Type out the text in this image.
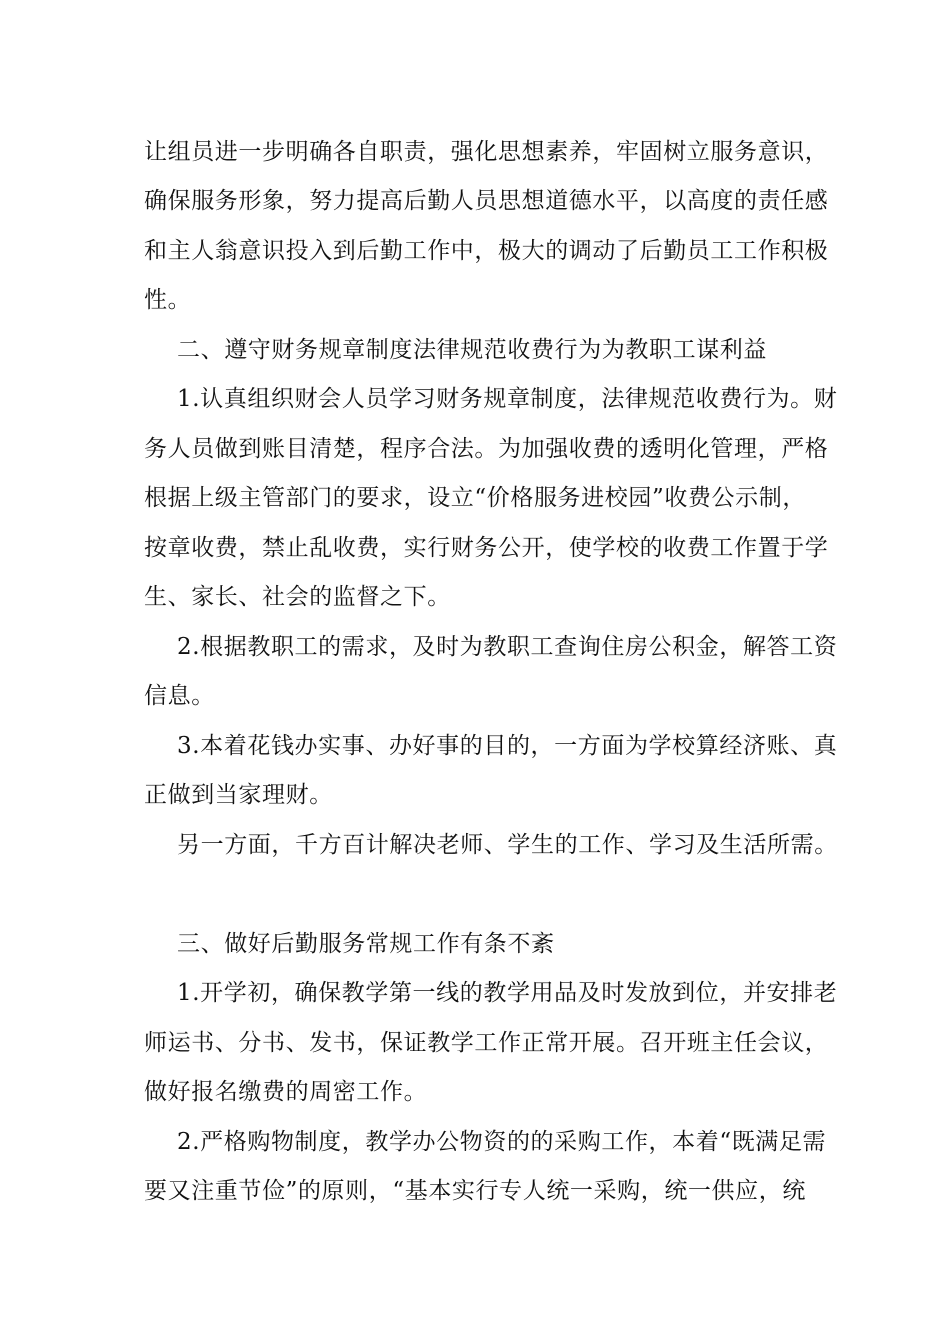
让组员进一步明确各自职责，强化思想素养，牢固树立服务意识，
确保服务形象，努力提高后勤人员思想道德水平，以高度的责任感
和主人翁意识投入到后勤工作中，极大的调动了后勤员工工作积极
性。
二、遵守财务规章制度法律规范收费行为为教职工谋利益
1.认真组织财会人员学习财务规章制度，法律规范收费行为。财
务人员做到账目清楚，程序合法。为加强收费的透明化管理，严格
根据上级主管部门的要求，设立“价格服务进校园”收费公示制，
按章收费，禁止乱收费，实行财务公开，使学校的收费工作置于学
生、家长、社会的监督之下。
2.根据教职工的需求，及时为教职工查询住房公积金，解答工资
信息。
3.本着花钱办实事、办好事的目的，一方面为学校算经济账、真
正做到当家理财。
另一方面，千方百计解决老师、学生的工作、学习及生活所需。
三、做好后勤服务常规工作有条不紊
1.开学初，确保教学第一线的教学用品及时发放到位，并安排老
师运书、分书、发书，保证教学工作正常开展。召开班主任会议，
做好报名缴费的周密工作。
2.严格购物制度，教学办公物资的的采购工作，本着“既满足需
要又注重节俭”的原则，“基本实行专人统一采购，统一供应，统
